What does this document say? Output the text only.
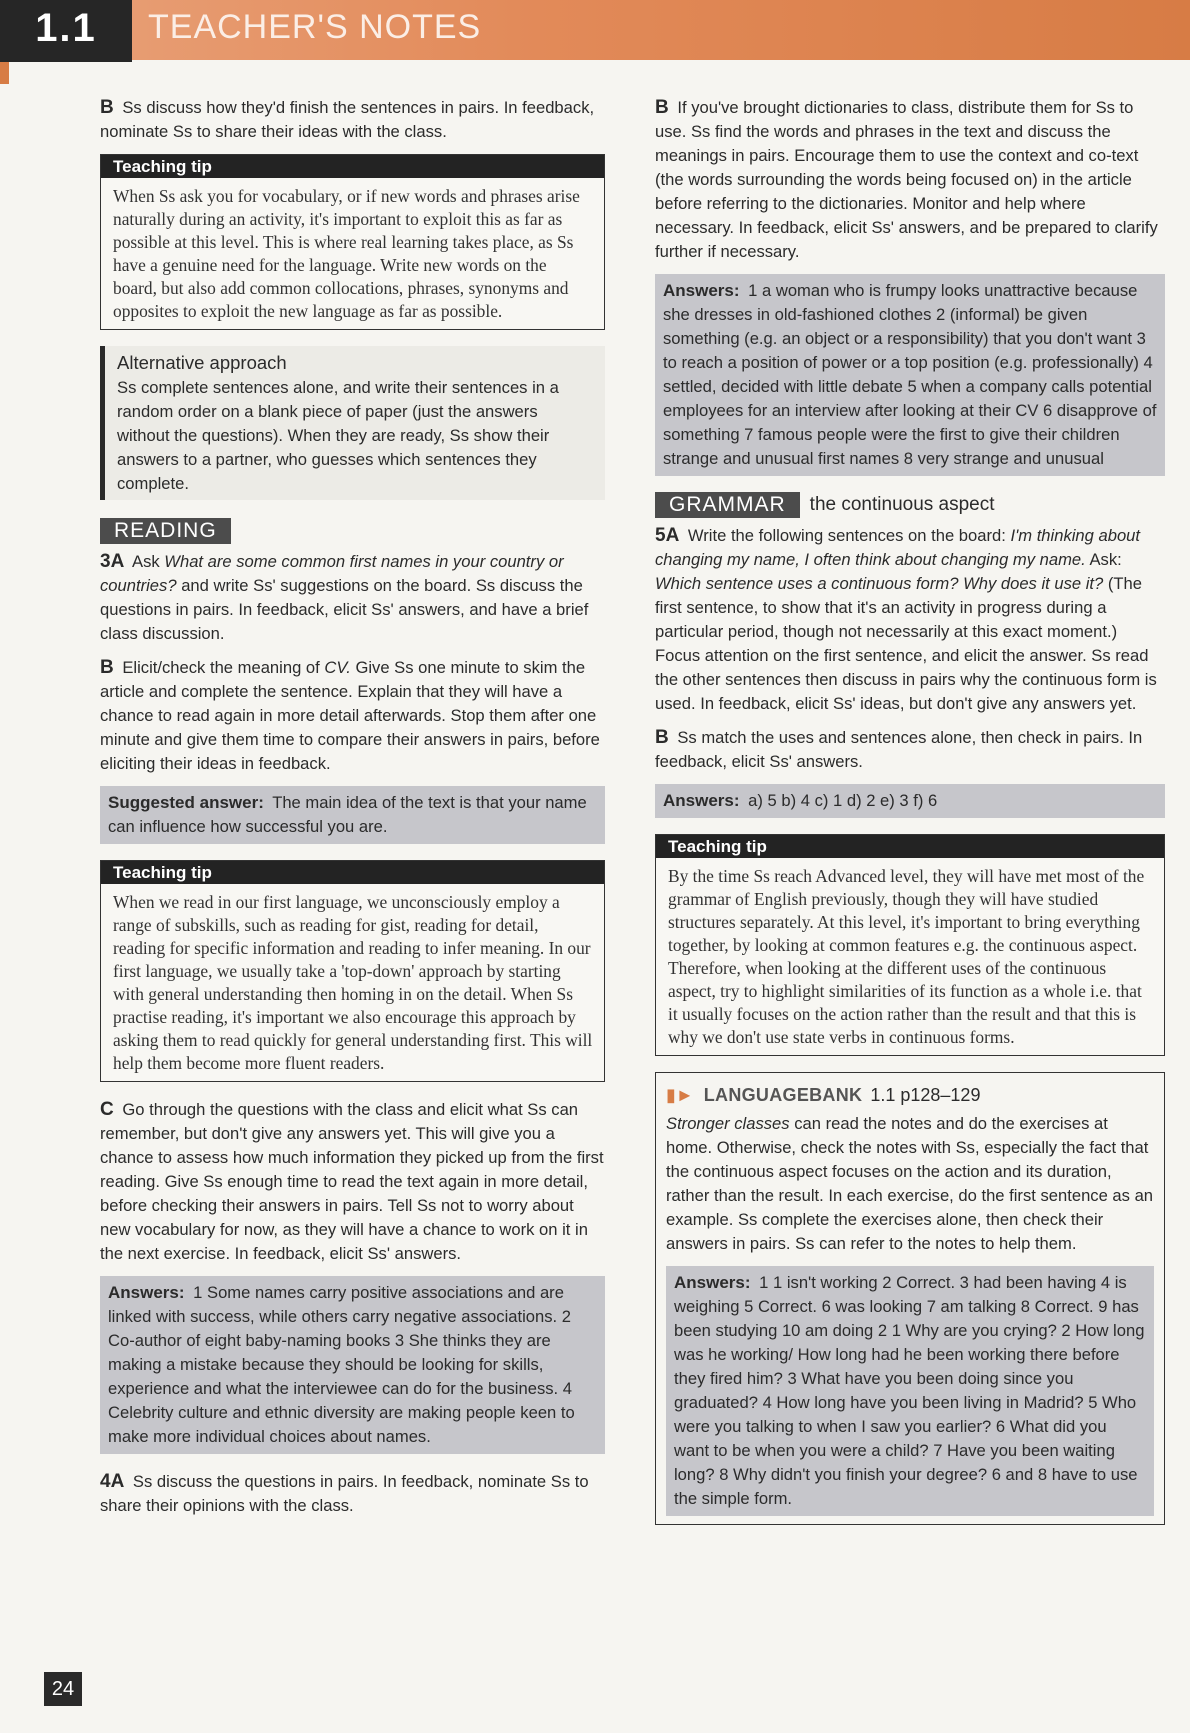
1.1	TEACHER'S NOTES

B Ss discuss how they'd finish the sentences in pairs. In feedback, nominate Ss to share their ideas with the class.

Teaching tip
When Ss ask you for vocabulary, or if new words and phrases arise naturally during an activity, it's important to exploit this as far as possible at this level. This is where real learning takes place, as Ss have a genuine need for the language. Write new words on the board, but also add common collocations, phrases, synonyms and opposites to exploit the new language as far as possible.
Alternative approach
Ss complete sentences alone, and write their sentences in a random order on a blank piece of paper (just the answers without the questions). When they are ready, Ss show their answers to a partner, who guesses which sentences they complete.
READING

3A Ask What are some common first names in your country or countries? and write Ss' suggestions on the board. Ss discuss the questions in pairs. In feedback, elicit Ss' answers, and have a brief class discussion.

B Elicit/check the meaning of CV. Give Ss one minute to skim the article and complete the sentence. Explain that they will have a chance to read again in more detail afterwards. Stop them after one minute and give them time to compare their answers in pairs, before eliciting their ideas in feedback.

Suggested answer: The main idea of the text is that your name can influence how successful you are.
Teaching tip
When we read in our first language, we unconsciously employ a range of subskills, such as reading for gist, reading for detail, reading for specific information and reading to infer meaning. In our first language, we usually take a 'top-down' approach by starting with general understanding then homing in on the detail. When Ss practise reading, it's important we also encourage this approach by asking them to read quickly for general understanding first. This will help them become more fluent readers.

C Go through the questions with the class and elicit what Ss can remember, but don't give any answers yet. This will give you a chance to assess how much information they picked up from the first reading. Give Ss enough time to read the text again in more detail, before checking their answers in pairs. Tell Ss not to worry about new vocabulary for now, as they will have a chance to work on it in the next exercise. In feedback, elicit Ss' answers.

Answers: 1 Some names carry positive associations and are linked with success, while others carry negative associations. 2 Co-author of eight baby-naming books 3 She thinks they are making a mistake because they should be looking for skills, experience and what the interviewee can do for the business. 4 Celebrity culture and ethnic diversity are making people keen to make more individual choices about names.

4A Ss discuss the questions in pairs. In feedback, nominate Ss to share their opinions with the class.

B If you've brought dictionaries to class, distribute them for Ss to use. Ss find the words and phrases in the text and discuss the meanings in pairs. Encourage them to use the context and co-text (the words surrounding the words being focused on) in the article before referring to the dictionaries. Monitor and help where necessary. In feedback, elicit Ss' answers, and be prepared to clarify further if necessary.

Answers: 1 a woman who is frumpy looks unattractive because she dresses in old-fashioned clothes 2 (informal) be given something (e.g. an object or a responsibility) that you don't want 3 to reach a position of power or a top position (e.g. professionally) 4 settled, decided with little debate 5 when a company calls potential employees for an interview after looking at their CV 6 disapprove of something 7 famous people were the first to give their children strange and unusual first names 8 very strange and unusual
GRAMMAR	the continuous aspect

5A Write the following sentences on the board: I'm thinking about changing my name, I often think about changing my name. Ask: Which sentence uses a continuous form? Why does it use it? (The first sentence, to show that it's an activity in progress during a particular period, though not necessarily at this exact moment.) Focus attention on the first sentence, and elicit the answer. Ss read the other sentences then discuss in pairs why the continuous form is used. In feedback, elicit Ss' ideas, but don't give any answers yet.

B Ss match the uses and sentences alone, then check in pairs. In feedback, elicit Ss' answers.

Answers: a) 5 b) 4 c) 1 d) 2 e) 3 f) 6
Teaching tip
By the time Ss reach Advanced level, they will have met most of the grammar of English previously, though they will have studied structures separately. At this level, it's important to bring everything together, by looking at common features e.g. the continuous aspect. Therefore, when looking at the different uses of the continuous aspect, try to highlight similarities of its function as a whole i.e. that it usually focuses on the action rather than the result and that this is why we don't use state verbs in continuous forms.
▮► LANGUAGEBANK 1.1 p128–129

Stronger classes can read the notes and do the exercises at home. Otherwise, check the notes with Ss, especially the fact that the continuous aspect focuses on the action and its duration, rather than the result. In each exercise, do the first sentence as an example. Ss complete the exercises alone, then check their answers in pairs. Ss can refer to the notes to help them.

Answers: 1 1 isn't working 2 Correct. 3 had been having 4 is weighing 5 Correct. 6 was looking 7 am talking 8 Correct. 9 has been studying 10 am doing 2 1 Why are you crying? 2 How long was he working/ How long had he been working there before they fired him? 3 What have you been doing since you graduated? 4 How long have you been living in Madrid? 5 Who were you talking to when I saw you earlier? 6 What did you want to be when you were a child? 7 Have you been waiting long? 8 Why didn't you finish your degree? 6 and 8 have to use the simple form.
24
